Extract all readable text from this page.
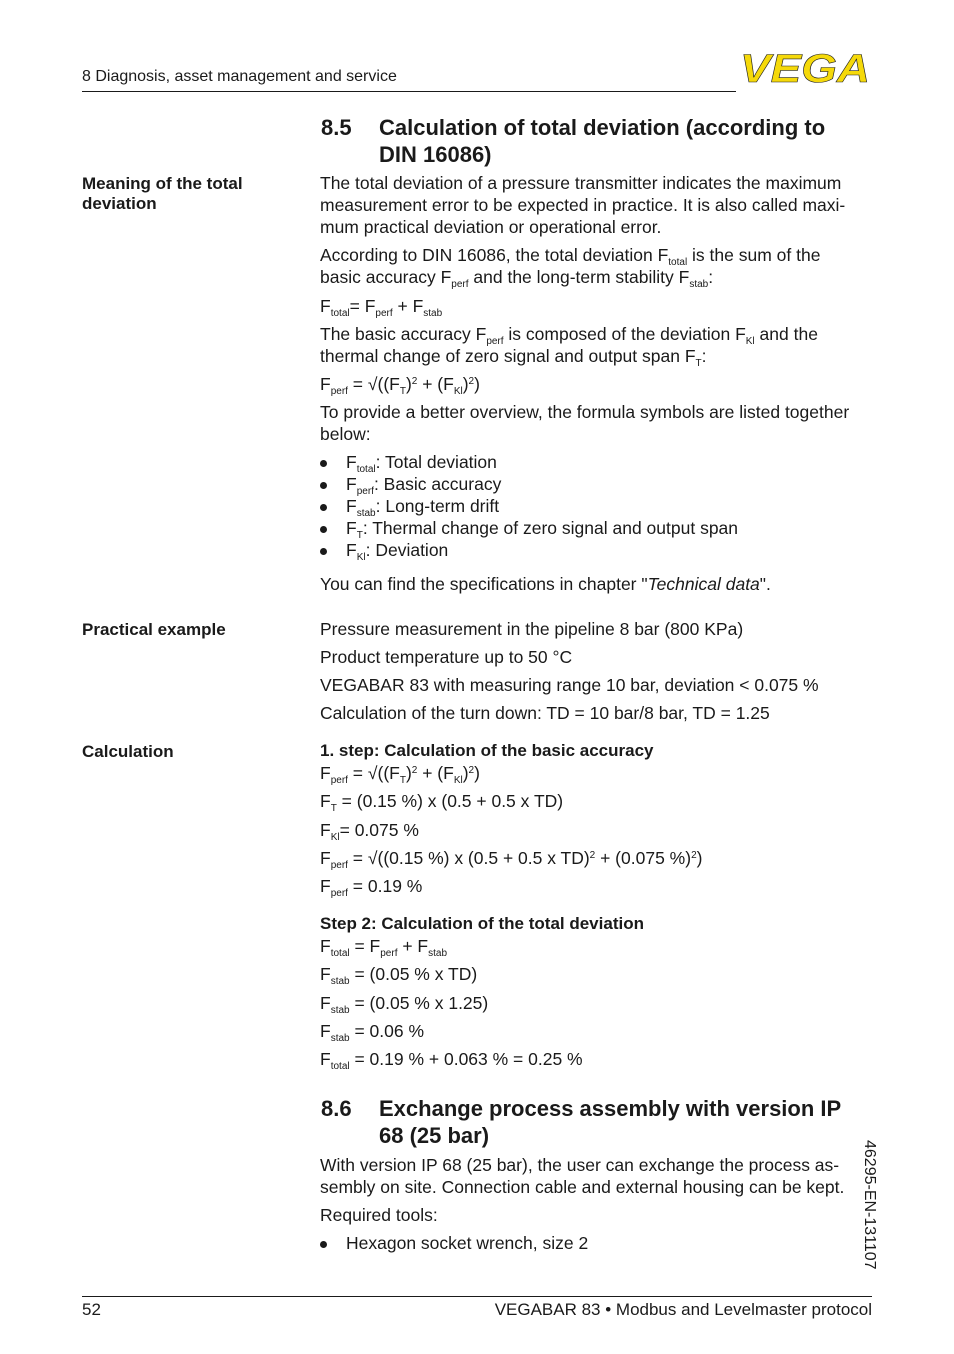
8 Diagnosis, asset management and service	VEGA
8.5 Calculation of total deviation (according to DIN 16086)
Meaning of the total deviation
The total deviation of a pressure transmitter indicates the maximum
measurement error to be expected in practice. It is also called maxi-
mum practical deviation or operational error.
According to DIN 16086, the total deviation $F_{total}$ is the sum of the
basic accuracy $F_{perf}$ and the long-term stability $F_{stab}$:
$F_{total}= F_{perf} + F_{stab}$
The basic accuracy $F_{perf}$ is composed of the deviation $F_{Kl}$ and the
thermal change of zero signal and output span $F_T$:
$F_{perf} = √((F_T)^2 + (F_{Kl})^2)$
To provide a better overview, the formula symbols are listed together
below:
$F_{total}$: Total deviation
$F_{perf}$: Basic accuracy
$F_{stab}$: Long-term drift
$F_T$: Thermal change of zero signal and output span
$F_{Kl}$: Deviation
You can find the specifications in chapter "Technical data".
Practical example	Pressure measurement in the pipeline 8 bar (800 KPa)
Product temperature up to 50 °C
VEGABAR 83 with measuring range 10 bar, deviation < 0.075 %
Calculation of the turn down: TD = 10 bar/8 bar, TD = 1.25
Calculation	1. step: Calculation of the basic accuracy
$F_{perf} = √((F_T)^2 + (F_{Kl})^2)$
$F_T = (0.15$ %) x (0.5 + 0.5 x TD)
$F_{Kl}= 0.075$ %
$F_{perf} = √((0.15$ %) x (0.5 + 0.5 x TD)$^2$ + (0.075 %)$^2$)
$F_{perf} = 0.19$ %
Step 2: Calculation of the total deviation
$F_{total} = F_{perf} + F_{stab}$
$F_{stab} = (0.05$ % x TD)
$F_{stab} = (0.05$ % x 1.25)
$F_{stab} = 0.06$ %
$F_{total} = 0.19$ % + 0.063 % = 0.25 %
8.6 Exchange process assembly with version IP 68 (25 bar)
With version IP 68 (25 bar), the user can exchange the process as-
sembly on site. Connection cable and external housing can be kept.
Required tools:
Hexagon socket wrench, size 2	46295-EN-131107
52	VEGABAR 83 • Modbus and Levelmaster protocol
